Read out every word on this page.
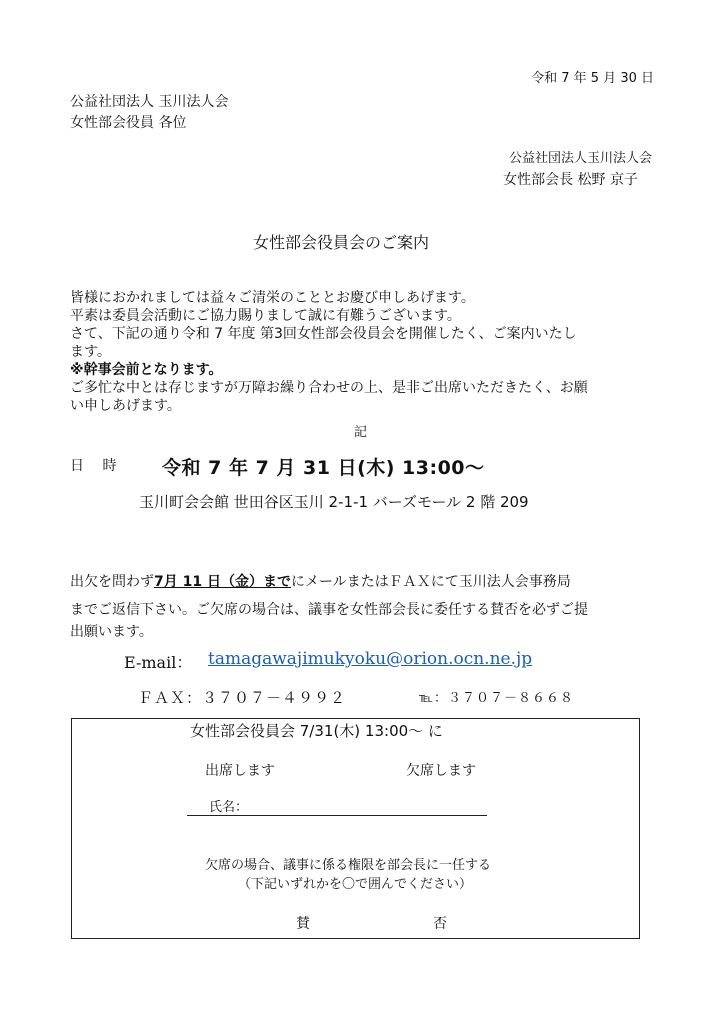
令和 7 年 5 月 30 日
公益社団法人 玉川法人会
女性部会役員 各位
公益社団法人玉川法人会
女性部会長 松野 京子
女性部会役員会のご案内
皆様におかれましては益々ご清栄のこととお慶び申しあげます。
平素は委員会活動にご協力賜りまして誠に有難うございます。
さて、下記の通り令和 7 年度 第3回女性部会役員会を開催したく、ご案内いたし
ます。
※幹事会前となります。
ご多忙な中とは存じますが万障お繰り合わせの上、是非ご出席いただきたく、お願
い申しあげます。
記
日 時 令和 7 年 7 月 31 日(木) 13:00〜
玉川町会会館 世田谷区玉川 2-1-1 バーズモール 2 階 209
出欠を問わず7月 11 日（金）までにメールまたはＦＡＸにて玉川法人会事務局
までご返信下さい。ご欠席の場合は、議事を女性部会長に委任する賛否を必ずご提
出願います。
E-mail： tamagawajimukyoku@orion.ocn.ne.jp
ＦＡＸ：３７０７－４９９２	℡：３７０７－８６６８
女性部会役員会 7/31(木) 13:00〜 に
出席します	欠席します
氏名：
欠席の場合、議事に係る権限を部会長に一任する
（下記いずれかを〇で囲んでください）
賛	否
